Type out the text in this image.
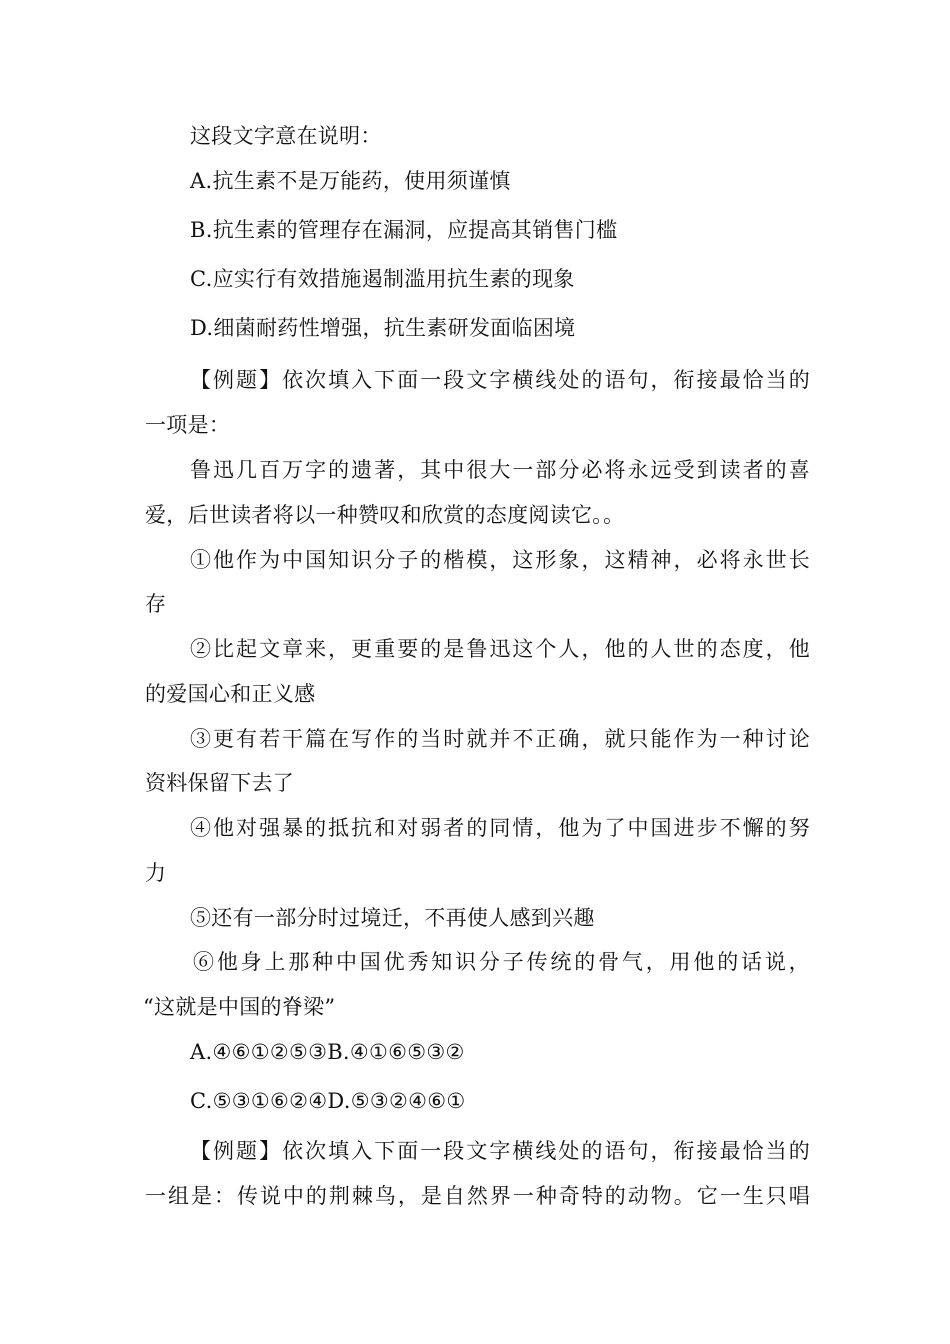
这段文字意在说明：
A.抗生素不是万能药，使用须谨慎
B.抗生素的管理存在漏洞，应提高其销售门槛
C.应实行有效措施遏制滥用抗生素的现象
D.细菌耐药性增强，抗生素研发面临困境
【例题】依次填入下面一段文字横线处的语句，衔接最恰当的
一项是：
鲁迅几百万字的遗著，其中很大一部分必将永远受到读者的喜
爱，后世读者将以一种赞叹和欣赏的态度阅读它。。
①他作为中国知识分子的楷模，这形象，这精神，必将永世长
存
②比起文章来，更重要的是鲁迅这个人，他的人世的态度，他
的爱国心和正义感
③更有若干篇在写作的当时就并不正确，就只能作为一种讨论
资料保留下去了
④他对强暴的抵抗和对弱者的同情，他为了中国进步不懈的努
力
⑤还有一部分时过境迁，不再使人感到兴趣
⑥他身上那种中国优秀知识分子传统的骨气，用他的话说，
“这就是中国的脊梁”
A.④⑥①②⑤③B.④①⑥⑤③②
C.⑤③①⑥②④D.⑤③②④⑥①
【例题】依次填入下面一段文字横线处的语句，衔接最恰当的
一组是：传说中的荆棘鸟，是自然界一种奇特的动物。它一生只唱
